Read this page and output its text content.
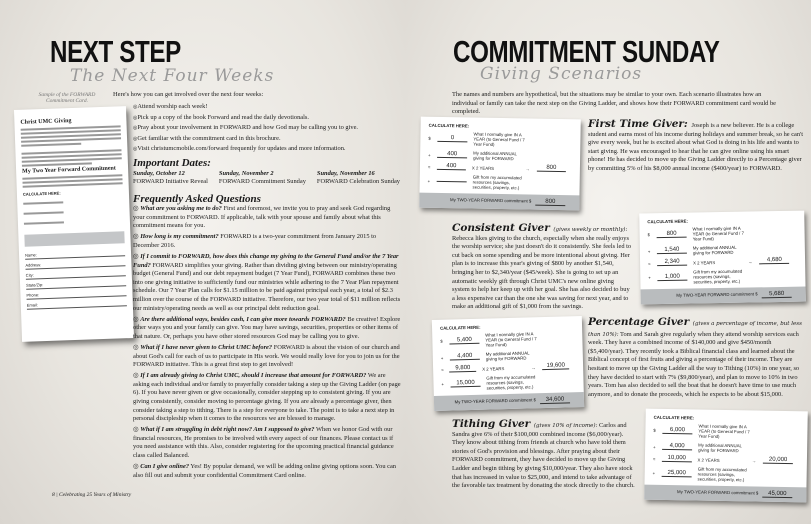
NEXT STEP
The Next Four Weeks
Sample of the FORWARD Commitment Card.
Christ UMC Giving
My Two Year Forward Commitment
CALCULATE HERE:
Name:
Address:
City:
State/Zip:
Phone:
Email:

Here's how you can get involved over the next four weeks:

◎ Attend worship each week!
◎ Pick up a copy of the book Forward and read the daily devotionals.
◎ Pray about your involvement in FORWARD and how God may be calling you to give.
◎ Get familiar with the commitment card in this brochure.
◎ Visit christumcmobile.com/forward frequently for updates and more information.
Important Dates:
Sunday, October 12	Sunday, November 2	Sunday, November 16
FORWARD Initiative Reveal	FORWARD Commitment Sunday	FORWARD Celebration Sunday
Frequently Asked Questions

◎ What are you asking me to do? First and foremost, we invite you to pray and seek God regarding your commitment to FORWARD. If applicable, talk with your spouse and family about what this commitment means for you.

◎ How long is my commitment? FORWARD is a two-year commitment from January 2015 to December 2016.

◎ If I commit to FORWARD, how does this change my giving to the General Fund and/or the 7 Year Fund? FORWARD simplifies your giving. Rather than dividing giving between our ministry/operating budget (General Fund) and our debt repayment budget (7 Year Fund), FORWARD combines these two into one giving initiative to sufficiently fund our ministries while adhering to the 7 Year Plan repayment schedule. Our 7 Year Plan calls for $1.15 million to be paid against principal each year, a total of $2.3 million over the course of the FORWARD initiative. Therefore, our two year total of $11 million reflects our ministry/operating needs as well as our principal debt reduction goal.

◎ Are there additional ways, besides cash, I can give more towards FORWARD? Be creative! Explore other ways you and your family can give. You may have savings, securities, properties or other items of that nature. Or, perhaps you have other stored resources God may be calling you to give.

◎ What if I have never given to Christ UMC before? FORWARD is about the vision of our church and about God's call for each of us to participate in His work. We would really love for you to join us for the FORWARD initiative. This is a great first step to get involved!

◎ If I am already giving to Christ UMC, should I increase that amount for FORWARD? We are asking each individual and/or family to prayerfully consider taking a step up the Giving Ladder (on page 6). If you have never given or give occasionally, consider stepping up to consistent giving. If you are giving consistently, consider moving to percentage giving. If you are already a percentage giver, then consider taking a step to tithing. There is a step for everyone to take. The point is to take a next step in personal discipleship when it comes to the resources we are blessed to manage.

◎ What if I am struggling in debt right now? Am I supposed to give? When we honor God with our financial resources, He promises to be involved with every aspect of our finances. Please contact us if you need assistance with this. Also, consider registering for the upcoming practical financial guidance class called Balanced.

◎ Can I give online? Yes! By popular demand, we will be adding online giving options soon. You can also fill out and submit your confidential Commitment Card online.

8 | Celebrating 25 Years of Ministry
COMMITMENT SUNDAY
Giving Scenarios
The names and numbers are hypothetical, but the situations may be similar to your own. Each scenario illustrates how an individual or family can take the next step on the Giving Ladder, and shows how their FORWARD commitment card would be completed.
First Time Giver: Joseph is a new believer. He is a college student and earns most of his income during holidays and summer break, so he can't give every week, but he is excited about what God is doing in his life and wants to start giving. He was encouraged to hear that he can give online using his smart phone! He has decided to move up the Giving Ladder directly to a Percentage giver by committing 5% of his $8,000 annual income ($400/year) to FORWARD.
CALCULATE HERE:
$	0
What I normally give IN A YEAR (to General Fund / 7 Year Fund)
+	400	My additional ANNUAL giving for FORWARD
=	400	X 2 YEARS	→	800
+
Gift from my accumulated resources (savings, securities, property, etc.)
My TWO-YEAR FORWARD commitment $ 800
Consistent Giver (gives weekly or monthly): Rebecca likes giving to the church, especially when she really enjoys the worship service; she just doesn't do it consistently. She feels led to cut back on some spending and be more intentional about giving. Her plan is to increase this year's giving of $800 by another $1,540, bringing her to $2,340/year ($45/week). She is going to set up an automatic weekly gift through Christ UMC's new online giving system to help her keep up with her goal. She has also decided to buy a less expensive car than the one she was saving for next year, and to make an additional gift of $1,000 from the savings.
CALCULATE HERE:
$	800
What I normally give IN A YEAR (to General Fund / 7 Year Fund)
+	1,540	My additional ANNUAL giving for FORWARD
=	2,340	X 2 YEARS	→	4,680
+	1,000
Gift from my accumulated resources (savings, securities, property, etc.)
My TWO-YEAR FORWARD commitment $ 5,680
Percentage Giver (gives a percentage of income, but less than 10%): Tom and Sarah give regularly when they attend worship services each week. They have a combined income of $140,000 and give $450/month ($5,400/year). They recently took a Biblical financial class and learned about the Biblical concept of first fruits and giving a percentage of their income. They are hesitant to move up the Giving Ladder all the way to Tithing (10%) in one year, so they have decided to start with 7% ($9,800/year), and plan to move to 10% in two years. Tom has also decided to sell the boat that he doesn't have time to use much anymore, and to donate the proceeds, which he expects to be about $15,000.
CALCULATE HERE:
$	5,400
What I normally give IN A YEAR (to General Fund / 7 Year Fund)
+	4,400	My additional ANNUAL giving for FORWARD
=	9,800	X 2 YEARS	→	19,600
+	15,000
Gift from my accumulated resources (savings, securities, property, etc.)
My TWO-YEAR FORWARD commitment $ 34,600
Tithing Giver (gives 10% of income): Carlos and Sandra give 6% of their $100,000 combined income ($6,000/year). They know about tithing from friends at church who have told them stories of God's provision and blessings. After praying about their FORWARD commitment, they have decided to move up the Giving Ladder and begin tithing by giving $10,000/year. They also have stock that has increased in value to $25,000, and intend to take advantage of the favorable tax treatment by donating the stock directly to the church.
CALCULATE HERE:
$	6,000
What I normally give IN A YEAR (to General Fund / 7 Year Fund)
+	4,000	My additional ANNUAL giving for FORWARD
=	10,000	X 2 YEARS	→	20,000
+	25,000
Gift from my accumulated resources (savings, securities, property, etc.)
My TWO-YEAR FORWARD commitment $ 45,000
